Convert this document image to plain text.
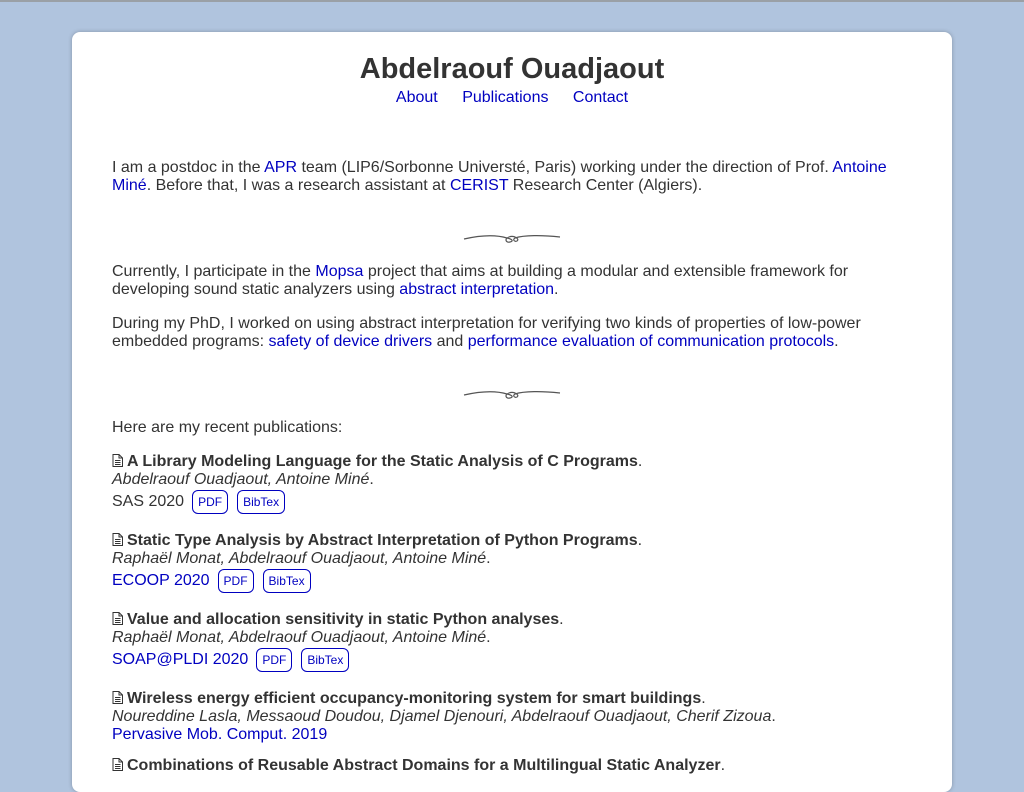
Abdelraouf Ouadjaout
About Publications Contact

I am a postdoc in the APR team (LIP6/Sorbonne Universté, Paris) working under the direction of Prof. Antoine Miné. Before that, I was a research assistant at CERIST Research Center (Algiers).

Currently, I participate in the Mopsa project that aims at building a modular and extensible framework for developing sound static analyzers using abstract interpretation.

During my PhD, I worked on using abstract interpretation for verifying two kinds of properties of low-power embedded programs: safety of device drivers and performance evaluation of communication protocols.

Here are my recent publications:

A Library Modeling Language for the Static Analysis of C Programs.
Abdelraouf Ouadjaout, Antoine Miné.
SAS 2020	PDF	BibTex
Static Type Analysis by Abstract Interpretation of Python Programs.
Raphaël Monat, Abdelraouf Ouadjaout, Antoine Miné.
ECOOP 2020	PDF	BibTex
Value and allocation sensitivity in static Python analyses.
Raphaël Monat, Abdelraouf Ouadjaout, Antoine Miné.
SOAP@PLDI 2020	PDF	BibTex
Wireless energy efficient occupancy-monitoring system for smart buildings.
Noureddine Lasla, Messaoud Doudou, Djamel Djenouri, Abdelraouf Ouadjaout, Cherif Zizoua.
Pervasive Mob. Comput. 2019
Combinations of Reusable Abstract Domains for a Multilingual Static Analyzer.
